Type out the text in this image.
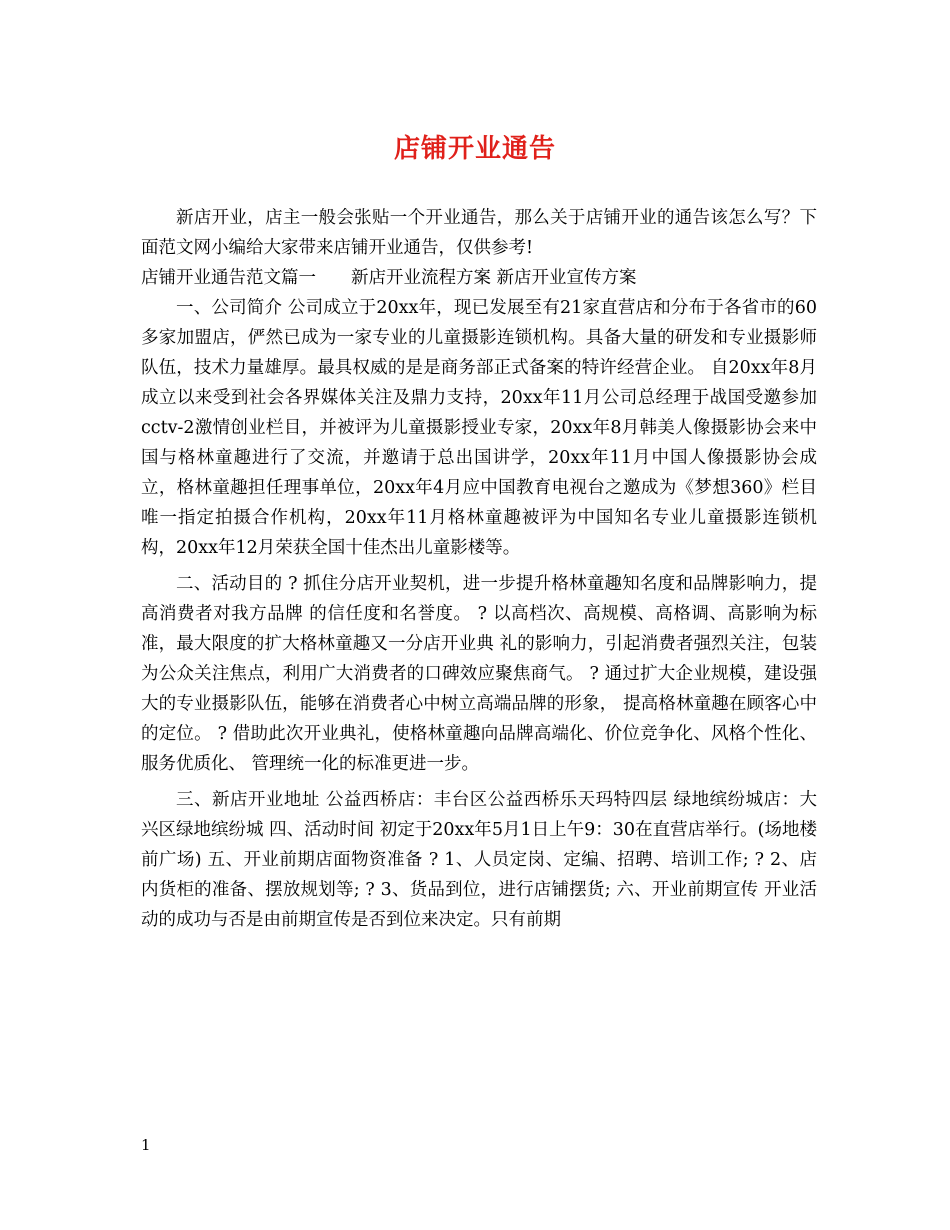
店铺开业通告

新店开业，店主一般会张贴一个开业通告，那么关于店铺开业的通告该怎么写？下面范文网小编给大家带来店铺开业通告，仅供参考!

店铺开业通告范文篇一　　新店开业流程方案 新店开业宣传方案

一、公司简介 公司成立于20xx年，现已发展至有21家直营店和分布于各省市的60多家加盟店，俨然已成为一家专业的儿童摄影连锁机构。具备大量的研发和专业摄影师队伍，技术力量雄厚。最具权威的是是商务部正式备案的特许经营企业。 自20xx年8月成立以来受到社会各界媒体关注及鼎力支持，20xx年11月公司总经理于战国受邀参加cctv-2激情创业栏目，并被评为儿童摄影授业专家，20xx年8月韩美人像摄影协会来中国与格林童趣进行了交流，并邀请于总出国讲学，20xx年11月中国人像摄影协会成立，格林童趣担任理事单位，20xx年4月应中国教育电视台之邀成为《梦想360》栏目唯一指定拍摄合作机构，20xx年11月格林童趣被评为中国知名专业儿童摄影连锁机构，20xx年12月荣获全国十佳杰出儿童影楼等。

二、活动目的 ? 抓住分店开业契机，进一步提升格林童趣知名度和品牌影响力，提高消费者对我方品牌 的信任度和名誉度。 ? 以高档次、高规模、高格调、高影响为标准，最大限度的扩大格林童趣又一分店开业典 礼的影响力，引起消费者强烈关注，包装为公众关注焦点，利用广大消费者的口碑效应聚焦商气。 ? 通过扩大企业规模，建设强大的专业摄影队伍，能够在消费者心中树立高端品牌的形象， 提高格林童趣在顾客心中的定位。 ? 借助此次开业典礼，使格林童趣向品牌高端化、价位竞争化、风格个性化、服务优质化、 管理统一化的标准更进一步。

三、新店开业地址 公益西桥店：丰台区公益西桥乐天玛特四层 绿地缤纷城店：大兴区绿地缤纷城 四、活动时间 初定于20xx年5月1日上午9：30在直营店举行。(场地楼前广场) 五、开业前期店面物资准备 ? 1、人员定岗、定编、招聘、培训工作; ? 2、店内货柜的准备、摆放规划等; ? 3、货品到位，进行店铺摆货; 六、开业前期宣传 开业活动的成功与否是由前期宣传是否到位来决定。只有前期

1
